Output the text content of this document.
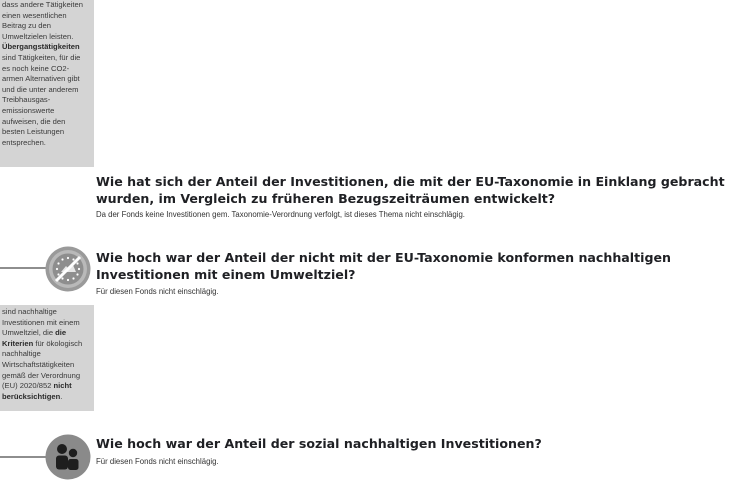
dass andere Tätigkeiten
einen wesentlichen
Beitrag zu den
Umweltzielen leisten.
Übergangstätigkeiten
sind Tätigkeiten, für die
es noch keine CO2-
armen Alternativen gibt
und die unter anderem
Treibhausgas-
emissionswerte
aufweisen, die den
besten Leistungen
entsprechen.
Wie hat sich der Anteil der Investitionen, die mit der EU-Taxonomie in Einklang gebracht wurden, im Vergleich zu früheren Bezugszeiträumen entwickelt?
Da der Fonds keine Investitionen gem. Taxonomie-Verordnung verfolgt, ist dieses Thema nicht einschlägig.
Wie hoch war der Anteil der nicht mit der EU-Taxonomie konformen nachhaltigen Investitionen mit einem Umweltziel?
Für diesen Fonds nicht einschlägig.
sind nachhaltige
Investitionen mit einem
Umweltziel, die die
Kriterien für ökologisch
nachhaltige
Wirtschaftstätigkeiten
gemäß der Verordnung
(EU) 2020/852 nicht
berücksichtigen.
Wie hoch war der Anteil der sozial nachhaltigen Investitionen?
Für diesen Fonds nicht einschlägig.
